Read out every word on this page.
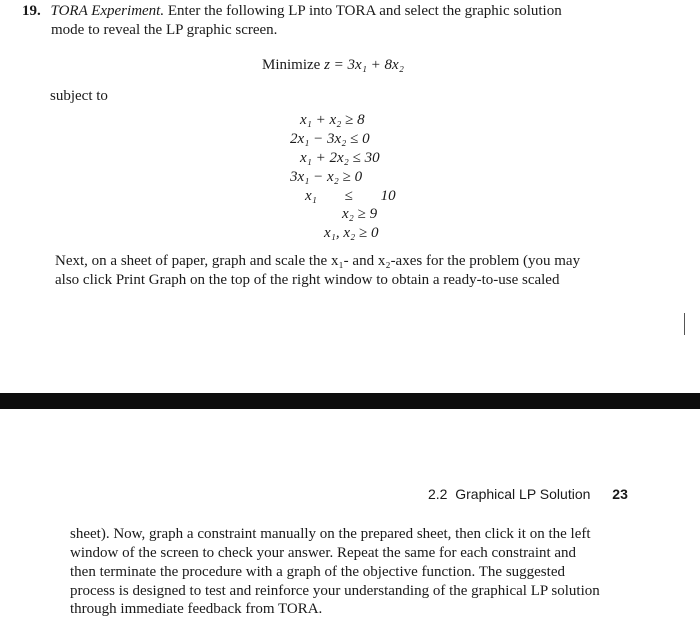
19. TORA Experiment. Enter the following LP into TORA and select the graphic solution
mode to reveal the LP graphic screen.
Minimize z = 3x₁ + 8x₂
subject to
x₁ + x₂ ≥ 8
2x₁ − 3x₂ ≤ 0
x₁ + 2x₂ ≤ 30
3x₁ − x₂ ≥ 0
x₁ ≤ 10
x₂ ≥ 9
x₁, x₂ ≥ 0
Next, on a sheet of paper, graph and scale the x₁- and x₂-axes for the problem (you may
also click Print Graph on the top of the right window to obtain a ready-to-use scaled
2.2  Graphical LP Solution 23
sheet). Now, graph a constraint manually on the prepared sheet, then click it on the left
window of the screen to check your answer. Repeat the same for each constraint and
then terminate the procedure with a graph of the objective function. The suggested
process is designed to test and reinforce your understanding of the graphical LP solution
through immediate feedback from TORA.
